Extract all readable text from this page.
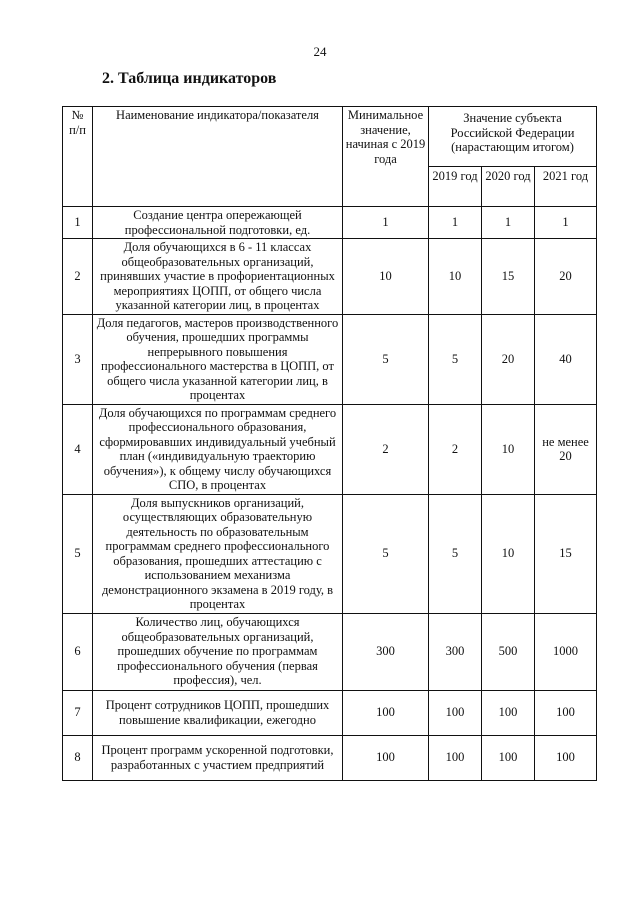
24
2. Таблица индикаторов
№ п/п	Наименование индикатора/показателя	Минимальное значение, начиная с 2019 года	Значение субъекта Российской Федерации (нарастающим итогом)		
			2019 год	2020 год	2021 год
1	Создание центра опережающей профессиональной подготовки, ед.	1	1	1	1
2	Доля обучающихся в 6 - 11 классах общеобразовательных организаций, принявших участие в профориентационных мероприятиях ЦОПП, от общего числа указанной категории лиц, в процентах	10	10	15	20
3	Доля педагогов, мастеров производственного обучения, прошедших программы непрерывного повышения профессионального мастерства в ЦОПП, от общего числа указанной категории лиц, в процентах	5	5	20	40
4	Доля обучающихся по программам среднего профессионального образования, сформировавших индивидуальный учебный план («индивидуальную траекторию обучения»), к общему числу обучающихся СПО, в процентах	2	2	10	не менее 20
5	Доля выпускников организаций, осуществляющих образовательную деятельность по образовательным программам среднего профессионального образования, прошедших аттестацию с использованием механизма демонстрационного экзамена в 2019 году, в процентах	5	5	10	15
6	Количество лиц, обучающихся общеобразовательных организаций, прошедших обучение по программам профессионального обучения (первая профессия), чел.	300	300	500	1000
7	Процент сотрудников ЦОПП, прошедших повышение квалификации, ежегодно	100	100	100	100
8	Процент программ ускоренной подготовки, разработанных с участием предприятий	100	100	100	100
